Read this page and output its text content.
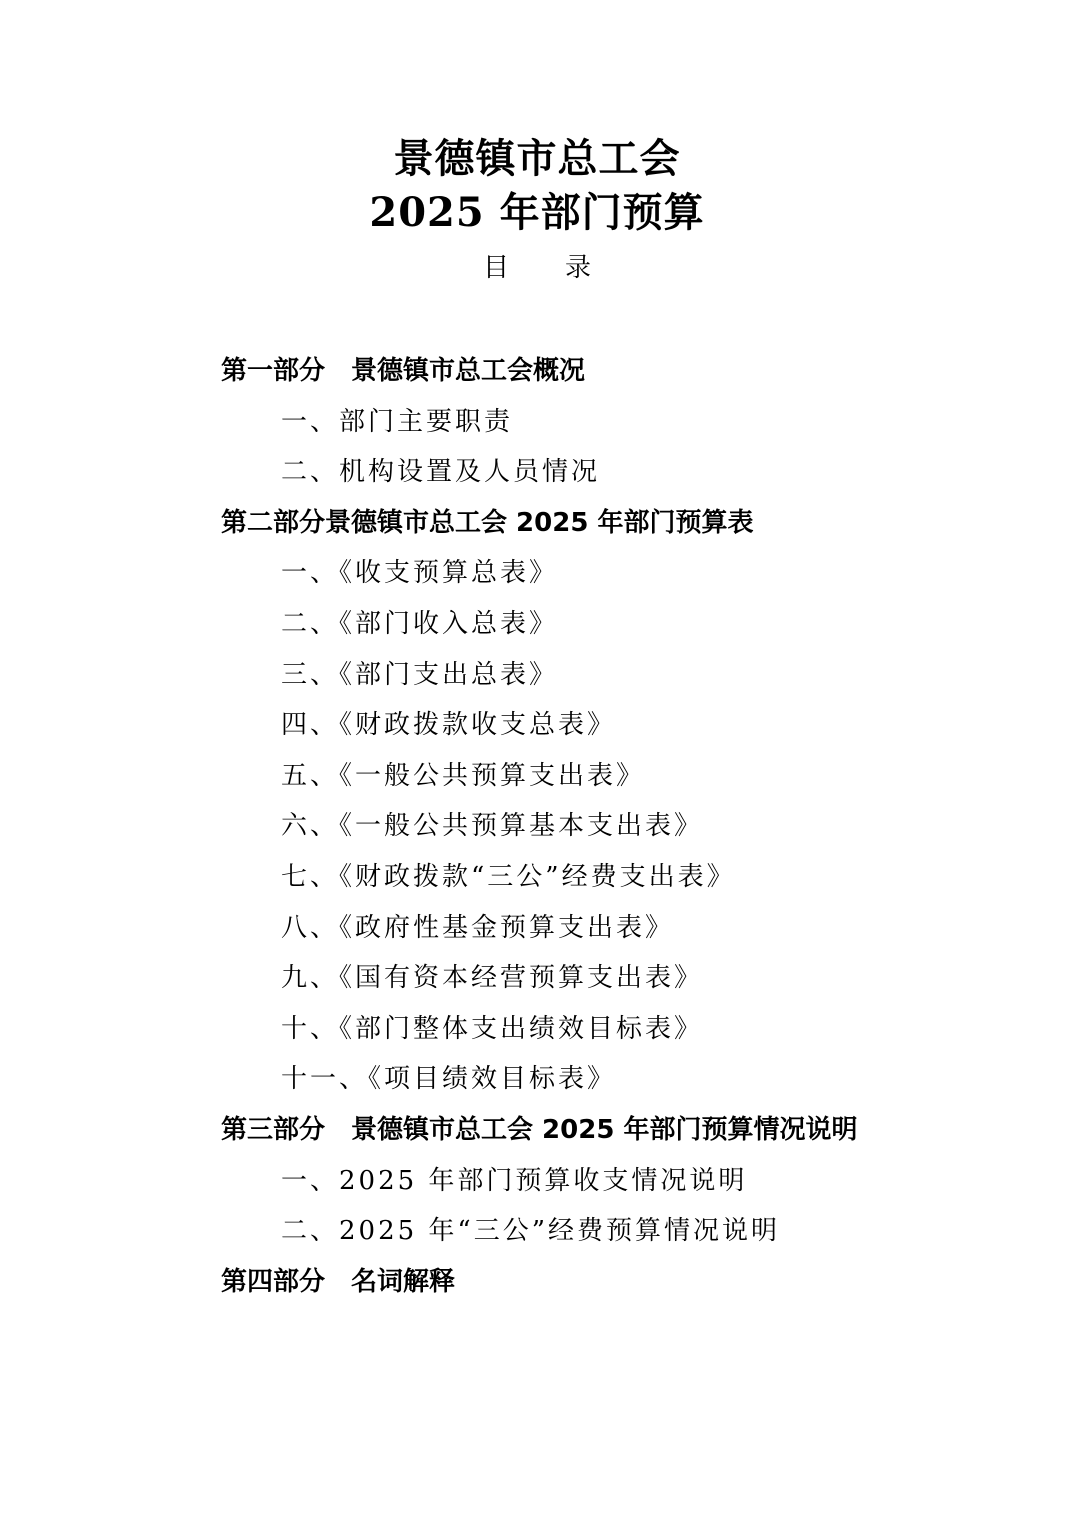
景德镇市总工会
2025 年部门预算
目 录
第一部分　景德镇市总工会概况
一、部门主要职责
二、机构设置及人员情况
第二部分景德镇市总工会 2025 年部门预算表
一、《收支预算总表》
二、《部门收入总表》
三、《部门支出总表》
四、《财政拨款收支总表》
五、《一般公共预算支出表》
六、《一般公共预算基本支出表》
七、《财政拨款“三公”经费支出表》
八、《政府性基金预算支出表》
九、《国有资本经营预算支出表》
十、《部门整体支出绩效目标表》
十一、《项目绩效目标表》
第三部分　景德镇市总工会 2025 年部门预算情况说明
一、2025 年部门预算收支情况说明
二、2025 年“三公”经费预算情况说明
第四部分　名词解释
